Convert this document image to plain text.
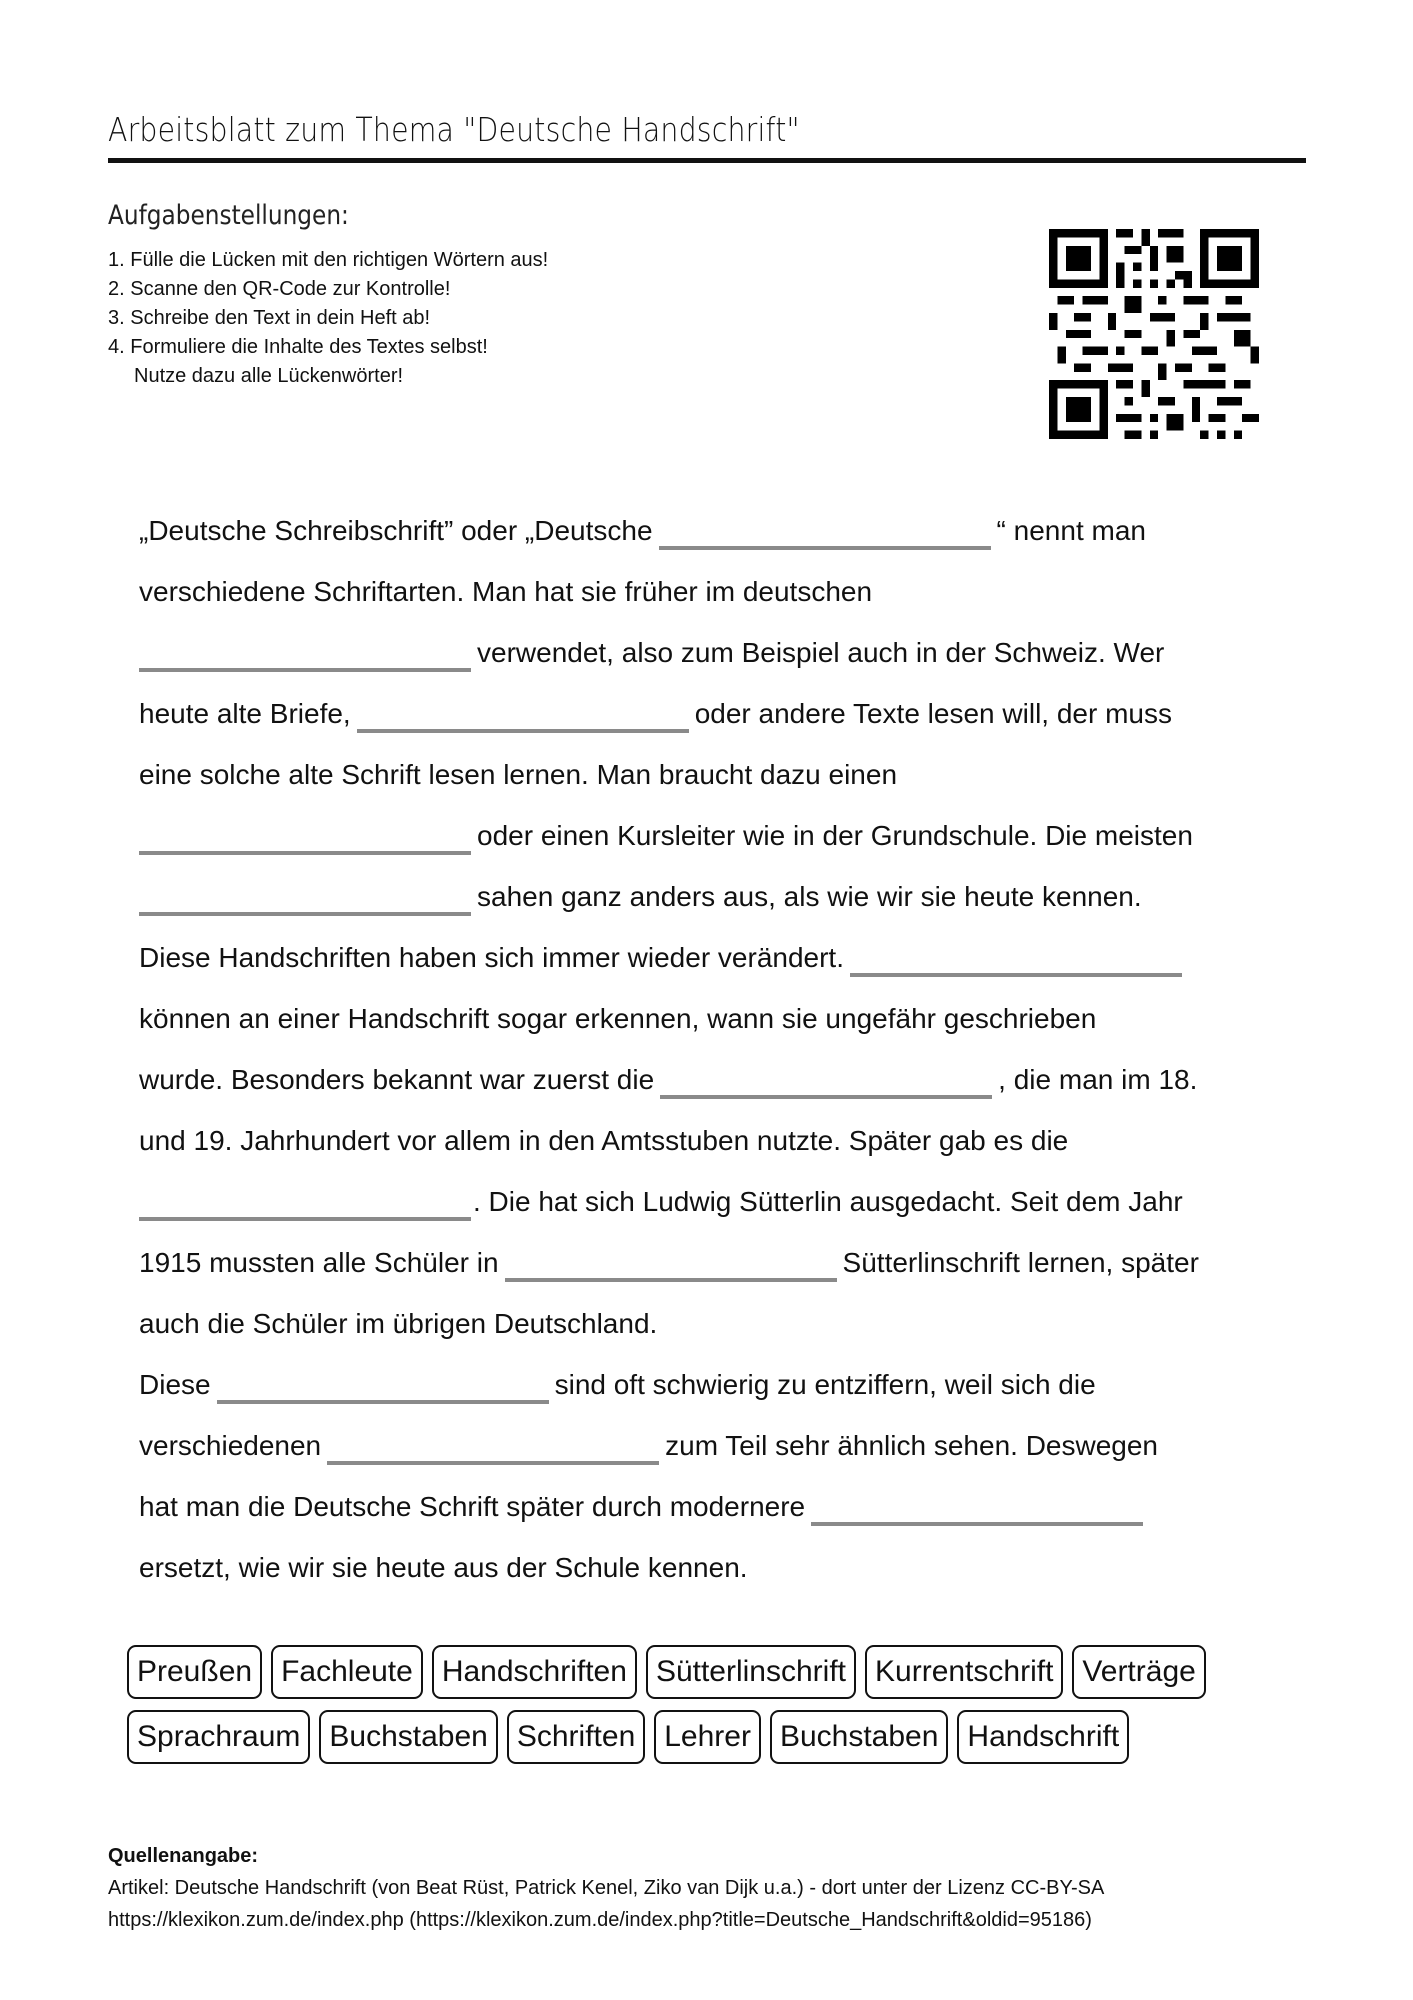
Arbeitsblatt zum Thema "Deutsche Handschrift"
Aufgabenstellungen:
1. Fülle die Lücken mit den richtigen Wörtern aus!
2. Scanne den QR-Code zur Kontrolle!
3. Schreibe den Text in dein Heft ab!
4. Formuliere die Inhalte des Textes selbst!
Nutze dazu alle Lückenwörter!
„Deutsche Schreibschrift” oder „Deutsche	“ nennt man
verschiedene Schriftarten. Man hat sie früher im deutschen
verwendet, also zum Beispiel auch in der Schweiz. Wer
heute alte Briefe,	oder andere Texte lesen will, der muss
eine solche alte Schrift lesen lernen. Man braucht dazu einen
oder einen Kursleiter wie in der Grundschule. Die meisten
sahen ganz anders aus, als wie wir sie heute kennen.
Diese Handschriften haben sich immer wieder verändert.
können an einer Handschrift sogar erkennen, wann sie ungefähr geschrieben
wurde. Besonders bekannt war zuerst die	, die man im 18.
und 19. Jahrhundert vor allem in den Amtsstuben nutzte. Später gab es die
. Die hat sich Ludwig Sütterlin ausgedacht. Seit dem Jahr
1915 mussten alle Schüler in	Sütterlinschrift lernen, später
auch die Schüler im übrigen Deutschland.
Diese	sind oft schwierig zu entziffern, weil sich die
verschiedenen	zum Teil sehr ähnlich sehen. Deswegen
hat man die Deutsche Schrift später durch modernere
ersetzt, wie wir sie heute aus der Schule kennen.
Preußen Fachleute Handschriften Sütterlinschrift Kurrentschrift Verträge
Sprachraum Buchstaben Schriften Lehrer Buchstaben Handschrift
Quellenangabe:
Artikel: Deutsche Handschrift (von Beat Rüst, Patrick Kenel, Ziko van Dijk u.a.) - dort unter der Lizenz CC-BY-SA
https://klexikon.zum.de/index.php (https://klexikon.zum.de/index.php?title=Deutsche_Handschrift&oldid=95186)
